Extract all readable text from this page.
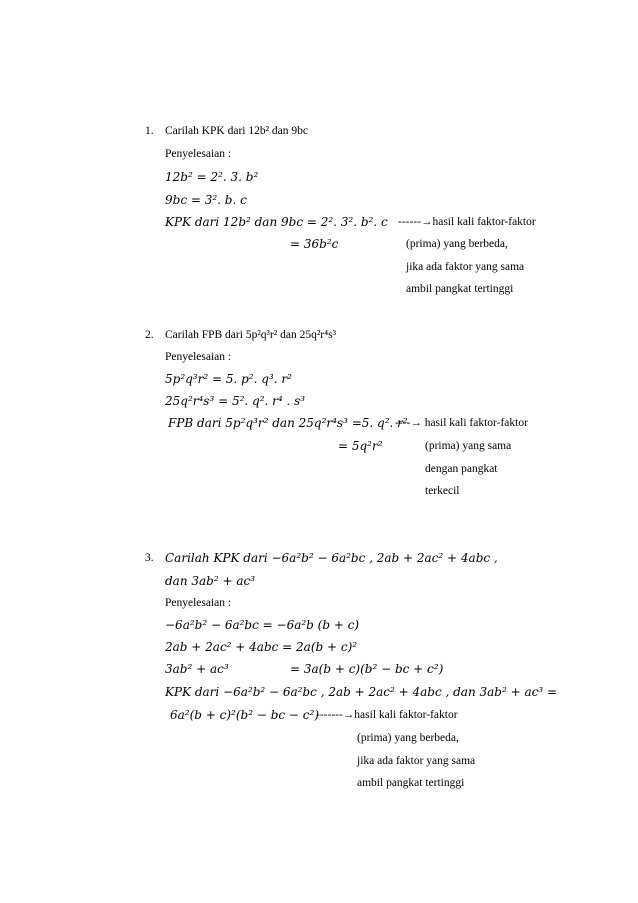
1. Carilah KPK dari 12b² dan 9bc
Penyelesaian :
12𝑏² = 2². 3. 𝑏²
9𝑏𝑐 = 3². 𝑏. 𝑐
KPK dari 12𝑏² dan 9𝑏𝑐 = 2². 3². 𝑏². 𝑐 ------→hasil kali faktor-faktor
= 36𝑏²𝑐	(prima) yang berbeda,
jika ada faktor yang sama
ambil pangkat tertinggi
2. Carilah FPB dari 5p²q³r² dan 25q²r⁴s³
Penyelesaian :
5𝑝²𝑞³𝑟² = 5. 𝑝². 𝑞³. 𝑟²
25𝑞²𝑟⁴𝑠³ = 5². 𝑞². 𝑟⁴ . 𝑠³
FPB dari 5𝑝²𝑞³𝑟² dan 25𝑞²𝑟⁴𝑠³ =5. 𝑞². 𝑟²
----→ hasil kali faktor-faktor
= 5𝑞²𝑟²	(prima) yang sama
dengan pangkat
terkecil
3. Carilah KPK dari −6𝑎²𝑏² − 6𝑎²𝑏𝑐 , 2𝑎𝑏 + 2𝑎𝑐² + 4𝑎𝑏𝑐 ,
dan 3𝑎𝑏² + 𝑎𝑐³
Penyelesaian :
−6𝑎²𝑏² − 6𝑎²𝑏𝑐 = −6𝑎²𝑏 (𝑏 + 𝑐)
2𝑎𝑏 + 2𝑎𝑐² + 4𝑎𝑏𝑐 = 2𝑎(𝑏 + 𝑐)²
3𝑎𝑏² + 𝑎𝑐³	= 3𝑎(𝑏 + 𝑐)(𝑏² − 𝑏𝑐 + 𝑐²)
KPK dari −6𝑎²𝑏² − 6𝑎²𝑏𝑐 , 2𝑎𝑏 + 2𝑎𝑐² + 4𝑎𝑏𝑐 , dan 3𝑎𝑏² + 𝑎𝑐³ =
6𝑎²(𝑏 + 𝑐)²(𝑏² − 𝑏𝑐 − 𝑐²)
-------→hasil kali faktor-faktor
(prima) yang berbeda,
jika ada faktor yang sama
ambil pangkat tertinggi
